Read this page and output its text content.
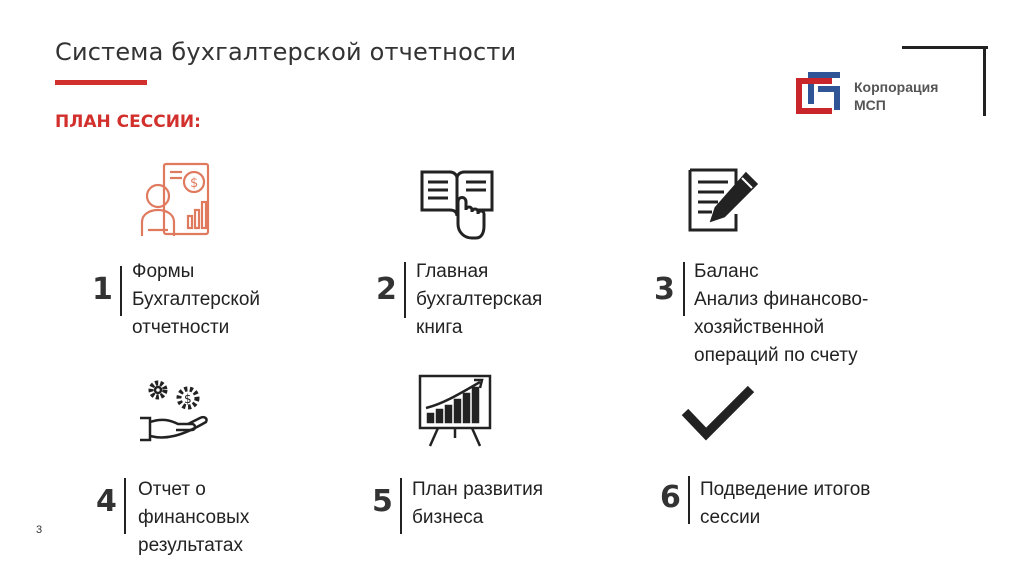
Система бухгалтерской отчетности
ПЛАН СЕССИИ:
Корпорация
МСП
$
1
Формы
Бухгалтерской
отчетности
2
Главная
бухгалтерская
книга
3
Баланс
Анализ финансово-
хозяйственной
операций по счету
$
4 Отчет о
финансовых
результатах
5 План развития
бизнеса
6 Подведение итогов
сессии
3
